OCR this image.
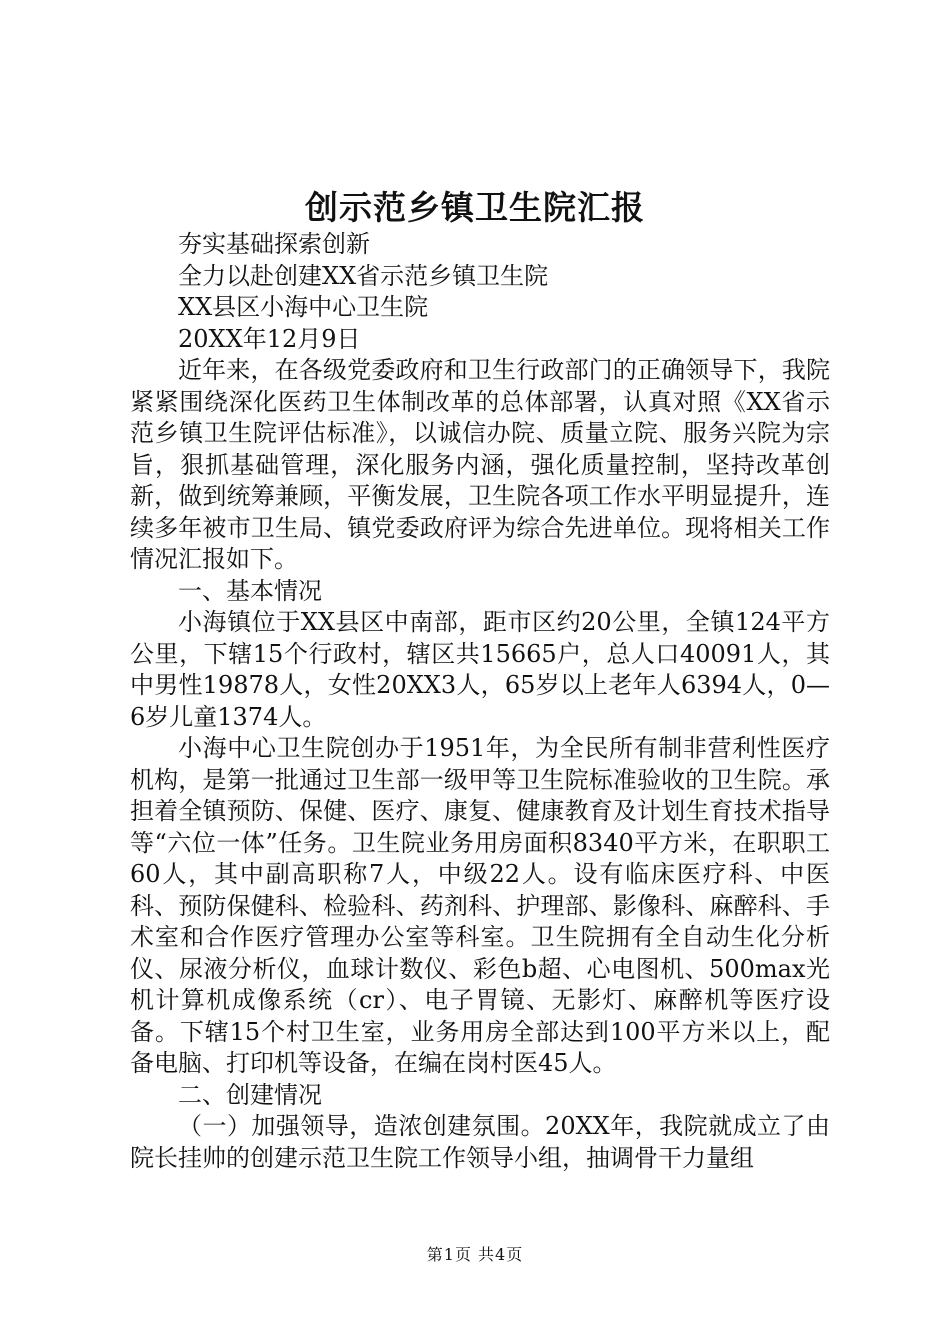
创示范乡镇卫生院汇报

夯实基础探索创新

全力以赴创建XX省示范乡镇卫生院

XX县区小海中心卫生院

20XX年12月9日

近年来，在各级党委政府和卫生行政部门的正确领导下，我院紧紧围绕深化医药卫生体制改革的总体部署，认真对照《XX省示范乡镇卫生院评估标准》，以诚信办院、质量立院、服务兴院为宗旨，狠抓基础管理，深化服务内涵，强化质量控制，坚持改革创新，做到统筹兼顾，平衡发展，卫生院各项工作水平明显提升，连续多年被市卫生局、镇党委政府评为综合先进单位。现将相关工作情况汇报如下。

一、基本情况

小海镇位于XX县区中南部，距市区约20公里，全镇124平方公里，下辖15个行政村，辖区共15665户，总人口40091人，其中男性19878人，女性20XX3人，65岁以上老年人6394人，0—6岁儿童1374人。

小海中心卫生院创办于1951年，为全民所有制非营利性医疗机构，是第一批通过卫生部一级甲等卫生院标准验收的卫生院。承担着全镇预防、保健、医疗、康复、健康教育及计划生育技术指导等“六位一体”任务。卫生院业务用房面积8340平方米，在职职工60人，其中副高职称7人，中级22人。设有临床医疗科、中医科、预防保健科、检验科、药剂科、护理部、影像科、麻醉科、手术室和合作医疗管理办公室等科室。卫生院拥有全自动生化分析仪、尿液分析仪，血球计数仪、彩色b超、心电图机、500max光机计算机成像系统（cr）、电子胃镜、无影灯、麻醉机等医疗设备。下辖15个村卫生室，业务用房全部达到100平方米以上，配备电脑、打印机等设备，在编在岗村医45人。

二、创建情况

（一）加强领导，造浓创建氛围。20XX年，我院就成立了由院长挂帅的创建示范卫生院工作领导小组，抽调骨干力量组

第1页 共4页
